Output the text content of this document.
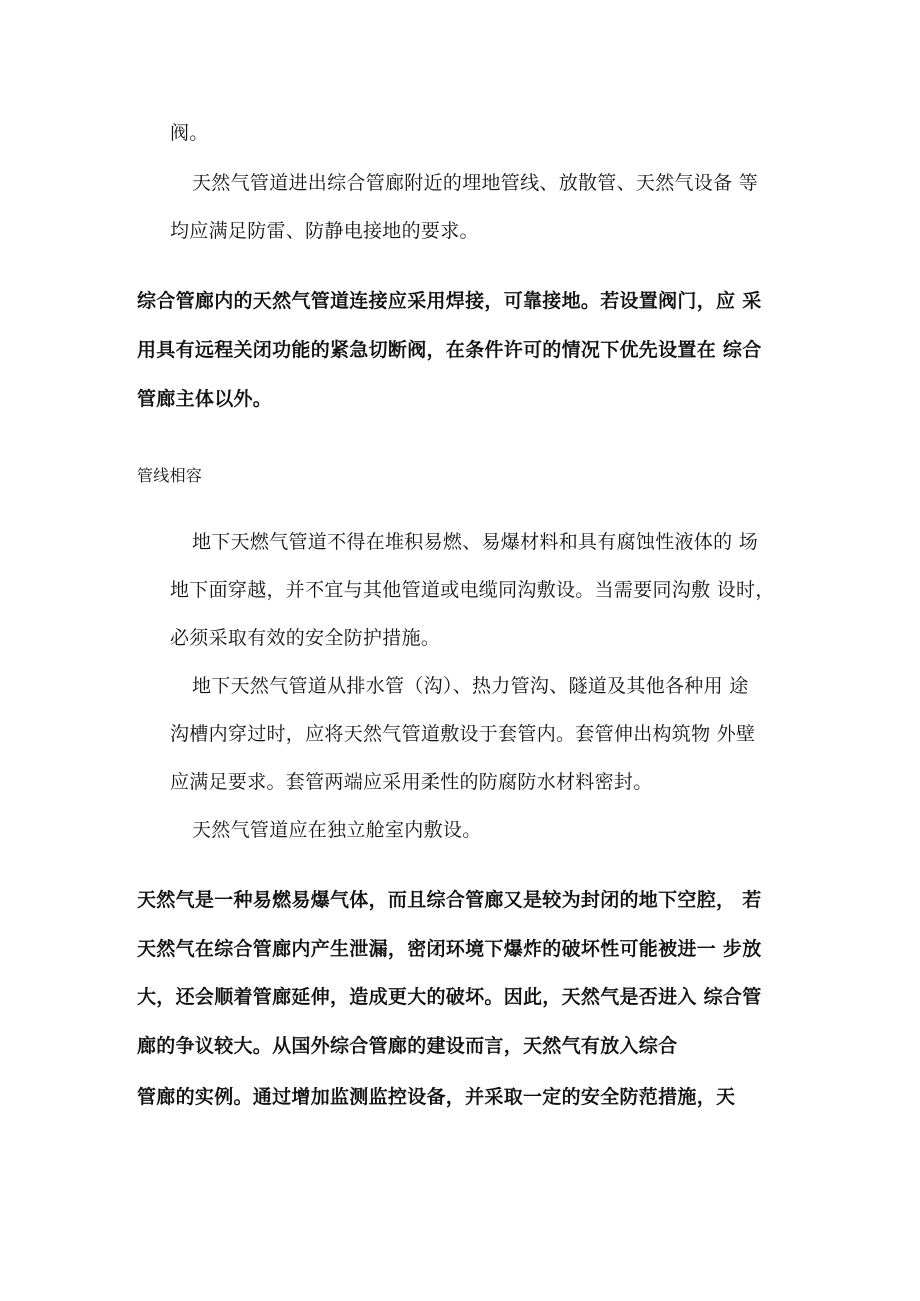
阀。
天然气管道进出综合管廊附近的埋地管线、放散管、天然气设备 等
均应满足防雷、防静电接地的要求。
综合管廊内的天然气管道连接应采用焊接，可靠接地。若设置阀门，应 采
用具有远程关闭功能的紧急切断阀，在条件许可的情况下优先设置在 综合
管廊主体以外。
管线相容
地下天燃气管道不得在堆积易燃、易爆材料和具有腐蚀性液体的 场
地下面穿越，并不宜与其他管道或电缆同沟敷设。当需要同沟敷 设时，
必须采取有效的安全防护措施。
地下天然气管道从排水管（沟）、热力管沟、隧道及其他各种用 途
沟槽内穿过时，应将天然气管道敷设于套管内。套管伸出构筑物 外壁
应满足要求。套管两端应采用柔性的防腐防水材料密封。
天然气管道应在独立舱室内敷设。
天然气是一种易燃易爆气体，而且综合管廊又是较为封闭的地下空腔， 若
天然气在综合管廊内产生泄漏，密闭环境下爆炸的破坏性可能被进一 步放
大，还会顺着管廊延伸，造成更大的破坏。因此，天然气是否进入 综合管
廊的争议较大。从国外综合管廊的建设而言，天然气有放入综合
管廊的实例。通过增加监测监控设备，并采取一定的安全防范措施，天
